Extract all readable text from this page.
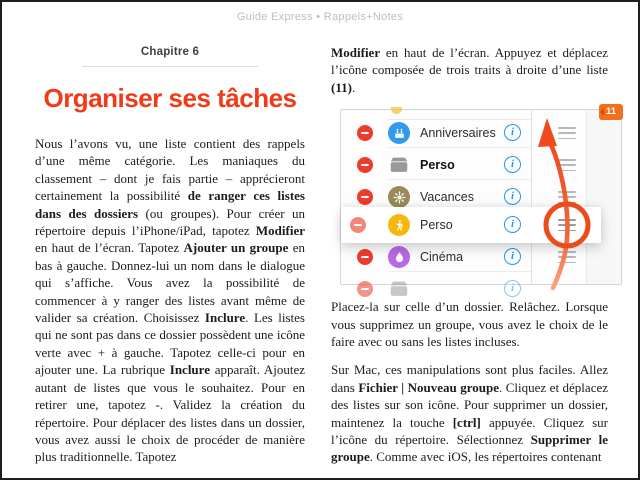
Guide Express • Rappels+Notes
Chapitre 6
Organiser ses tâches

Nous l’avons vu, une liste contient des rappels d’une même catégorie. Les maniaques du classement – dont je fais partie – apprécieront certainement la possibilité de ranger ces listes dans des dossiers (ou groupes). Pour créer un répertoire depuis l’iPhone/iPad, tapotez Modifier en haut de l’écran. Tapotez Ajouter un groupe en bas à gauche. Donnez-lui un nom dans le dialogue qui s’affiche. Vous avez la possibilité de commencer à y ranger des listes avant même de valider sa création. Choisissez Inclure. Les listes qui ne sont pas dans ce dossier possèdent une icône verte avec + à gauche. Tapotez celle-ci pour en ajouter une. La rubrique Inclure apparaît. Ajoutez autant de listes que vous le souhaitez. Pour en retirer une, tapotez -. Validez la création du répertoire. Pour déplacer des listes dans un dossier, vous avez aussi le choix de procéder de manière plus traditionnelle. Tapotez

Modifier en haut de l’écran. Appuyez et déplacez l’icône composée de trois traits à droite d’une liste (11).

Anniversaires	i
Perso	i
Vacances	i
Perso	i
Cinéma	i
i
11

Placez-la sur celle d’un dossier. Relâchez. Lorsque vous supprimez un groupe, vous avez le choix de le faire avec ou sans les listes incluses.

Sur Mac, ces manipulations sont plus faciles. Allez dans Fichier | Nouveau groupe. Cliquez et déplacez des listes sur son icône. Pour supprimer un dossier, maintenez la touche [ctrl] appuyée. Cliquez sur l’icône du répertoire. Sélectionnez Supprimer le groupe. Comme avec iOS, les répertoires contenant
